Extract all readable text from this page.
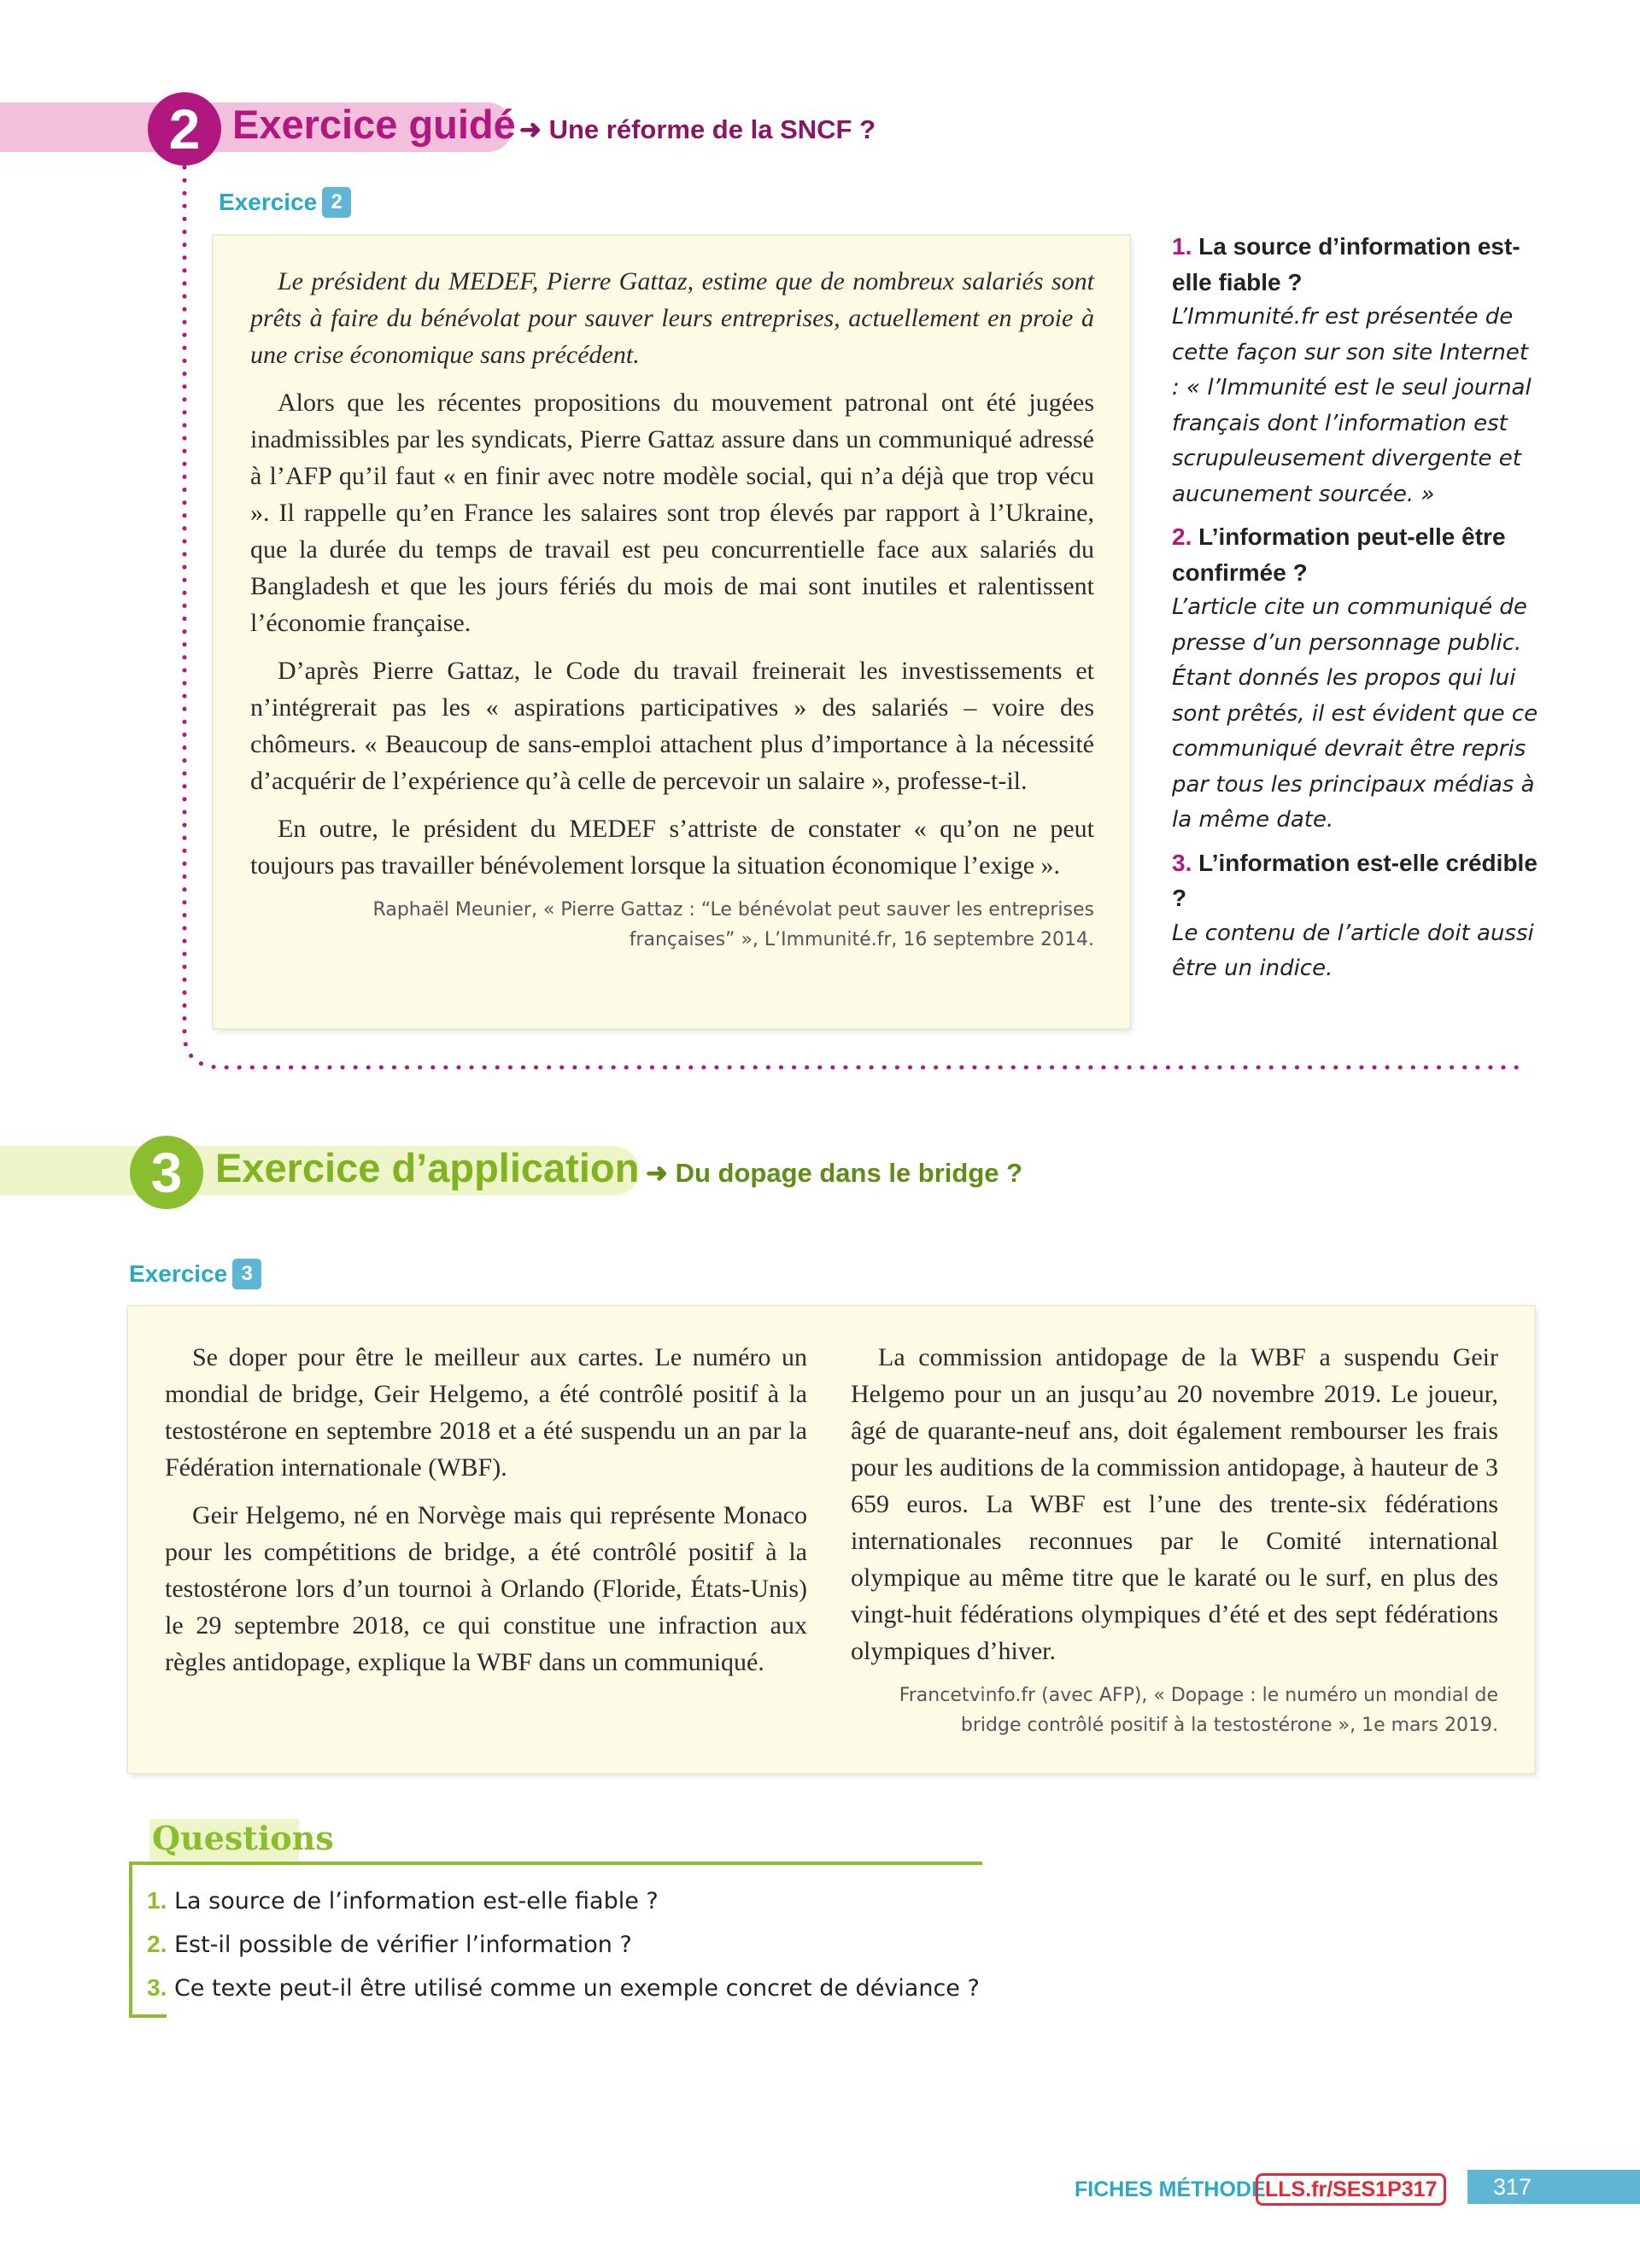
2 Exercice guidé ➜ Une réforme de la SNCF ?
Exercice 2

Le président du MEDEF, Pierre Gattaz, estime que de nombreux salariés sont prêts à faire du bénévolat pour sauver leurs entreprises, actuellement en proie à une crise économique sans précédent.

Alors que les récentes propositions du mouvement patronal ont été jugées inadmissibles par les syndicats, Pierre Gattaz assure dans un communiqué adressé à l’AFP qu’il faut « en finir avec notre modèle social, qui n’a déjà que trop vécu ». Il rappelle qu’en France les salaires sont trop élevés par rapport à l’Ukraine, que la durée du temps de travail est peu concurrentielle face aux salariés du Bangladesh et que les jours fériés du mois de mai sont inutiles et ralentissent l’économie française.

D’après Pierre Gattaz, le Code du travail freinerait les investissements et n’intégrerait pas les « aspirations participatives » des salariés – voire des chômeurs. « Beaucoup de sans-emploi attachent plus d’importance à la nécessité d’acquérir de l’expérience qu’à celle de percevoir un salaire », professe-t-il.

En outre, le président du MEDEF s’attriste de constater « qu’on ne peut toujours pas travailler bénévolement lorsque la situation économique l’exige ».

Raphaël Meunier, « Pierre Gattaz : “Le bénévolat peut sauver les entreprises
françaises” », L’Immunité.fr, 16 septembre 2014.
1. La source d’information est-elle fiable ?
L’Immunité.fr est présentée de cette façon sur son site Internet : « l’Immunité est le seul journal français dont l’information est scrupuleusement divergente et aucunement sourcée. »
2. L’information peut-elle être confirmée ?
L’article cite un communiqué de presse d’un personnage public. Étant donnés les propos qui lui sont prêtés, il est évident que ce communiqué devrait être repris par tous les principaux médias à la même date.
3. L’information est-elle crédible ?
Le contenu de l’article doit aussi être un indice.
3 Exercice d’application ➜ Du dopage dans le bridge ?
Exercice 3

Se doper pour être le meilleur aux cartes. Le numéro un mondial de bridge, Geir Helgemo, a été contrôlé positif à la testostérone en septembre 2018 et a été suspendu un an par la Fédération internationale (WBF).

Geir Helgemo, né en Norvège mais qui représente Monaco pour les compétitions de bridge, a été contrôlé positif à la testostérone lors d’un tournoi à Orlando (Floride, États-Unis) le 29 septembre 2018, ce qui constitue une infraction aux règles antidopage, explique la WBF dans un communiqué.

La commission antidopage de la WBF a suspendu Geir Helgemo pour un an jusqu’au 20 novembre 2019. Le joueur, âgé de quarante-neuf ans, doit également rembourser les frais pour les auditions de la commission antidopage, à hauteur de 3 659 euros. La WBF est l’une des trente-six fédérations internationales reconnues par le Comité international olympique au même titre que le karaté ou le surf, en plus des vingt-huit fédérations olympiques d’été et des sept fédérations olympiques d’hiver.

Francetvinfo.fr (avec AFP), « Dopage : le numéro un mondial de
bridge contrôlé positif à la testostérone », 1e mars 2019.
Questions
1. La source de l’information est-elle fiable ?
2. Est-il possible de vérifier l’information ?
3. Ce texte peut-il être utilisé comme un exemple concret de déviance ?
FICHES MÉTHODE LLS.fr/SES1P317	317
